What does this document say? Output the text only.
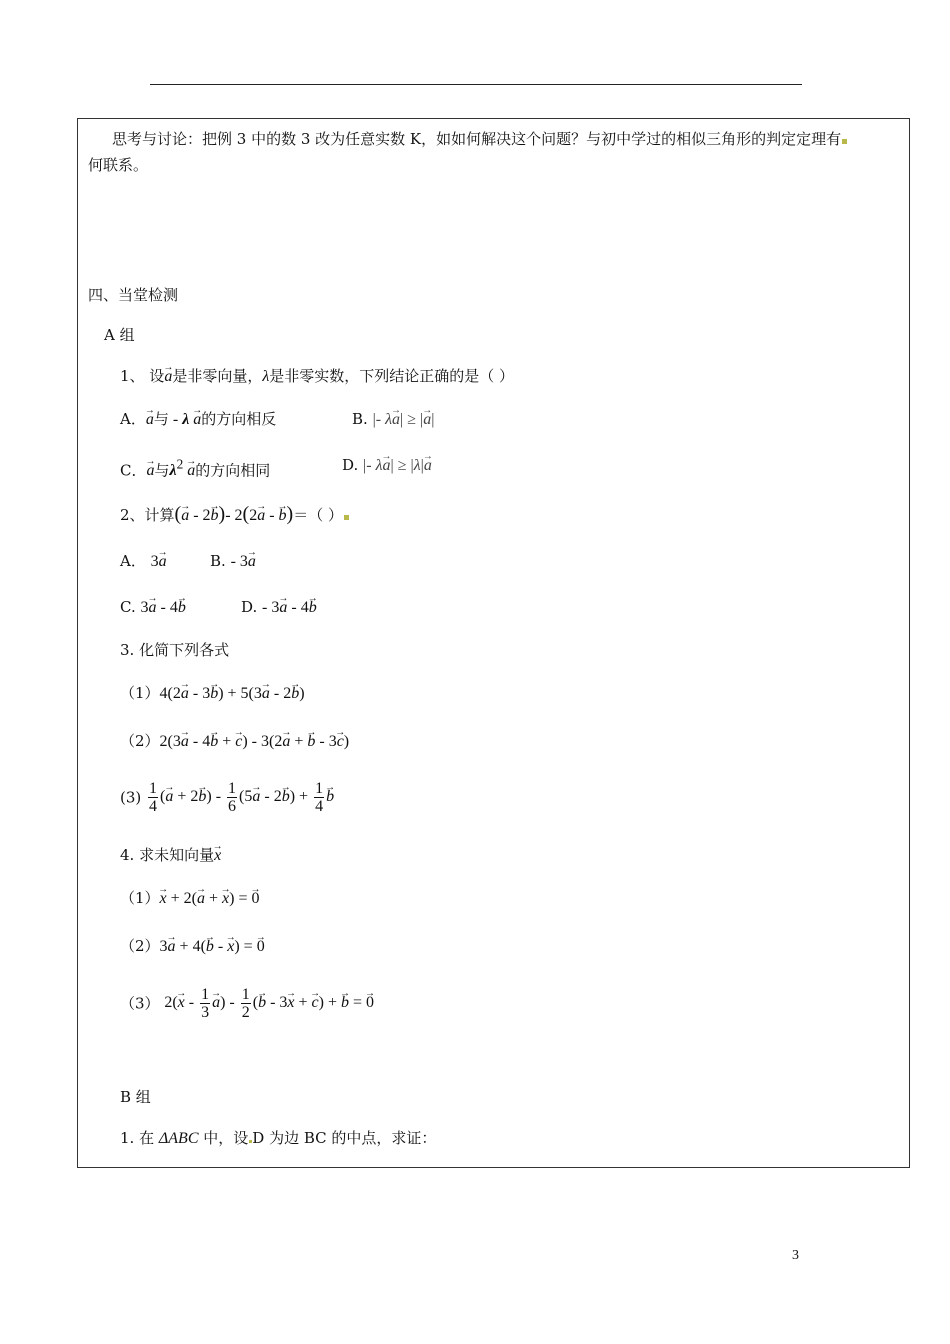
思考与讨论：把例 3 中的数 3 改为任意实数 K，如如何解决这个问题？与初中学过的相似三角形的判定定理有
何联系。
四、当堂检测
A 组
1、 设→ a是非零向量，λ是非零实数，下列结论正确的是（ ）
A．→ a与 - λ → a的方向相反	B. |- λ→ a| ≥ |→ a|
C．→ a与$\lambda^2 \to a$的方向相同	D. |- λ→ a| ≥ |λ|→ a
2、计算(→ a - 2→ b)- 2(2→ a - → b)＝（ ）
A． 3→ a	B. - 3→ a
C. 3→ a - 4→ b	D. - 3→ a - 4→ b
3. 化简下列各式
（1）4(2→ a - 3→ b) + 5(3→ a - 2→ b)
（2）2(3→ a - 4→ b + → c) - 3(2→ a + → b - 3→ c)
$(3) \frac{1}{4}$ (→ $a + 2\to b) - \frac{1}{6} (5\to a - 2\to b) + \frac{1}{4}$
→ b
4. 求未知向量→ x
（1）→ x + 2(→ a + → x) = → 0
（2）3→ a + 4(→ b - → x) = → 0
（3） $2(\to x - \frac{1}{3}$
→ $a) - \frac{1}{2}$ (→ b - 3→ x + → c) + → b = → 0
B 组
1. 在 ΔABC 中，设 D 为边 BC 的中点，求证：
3
